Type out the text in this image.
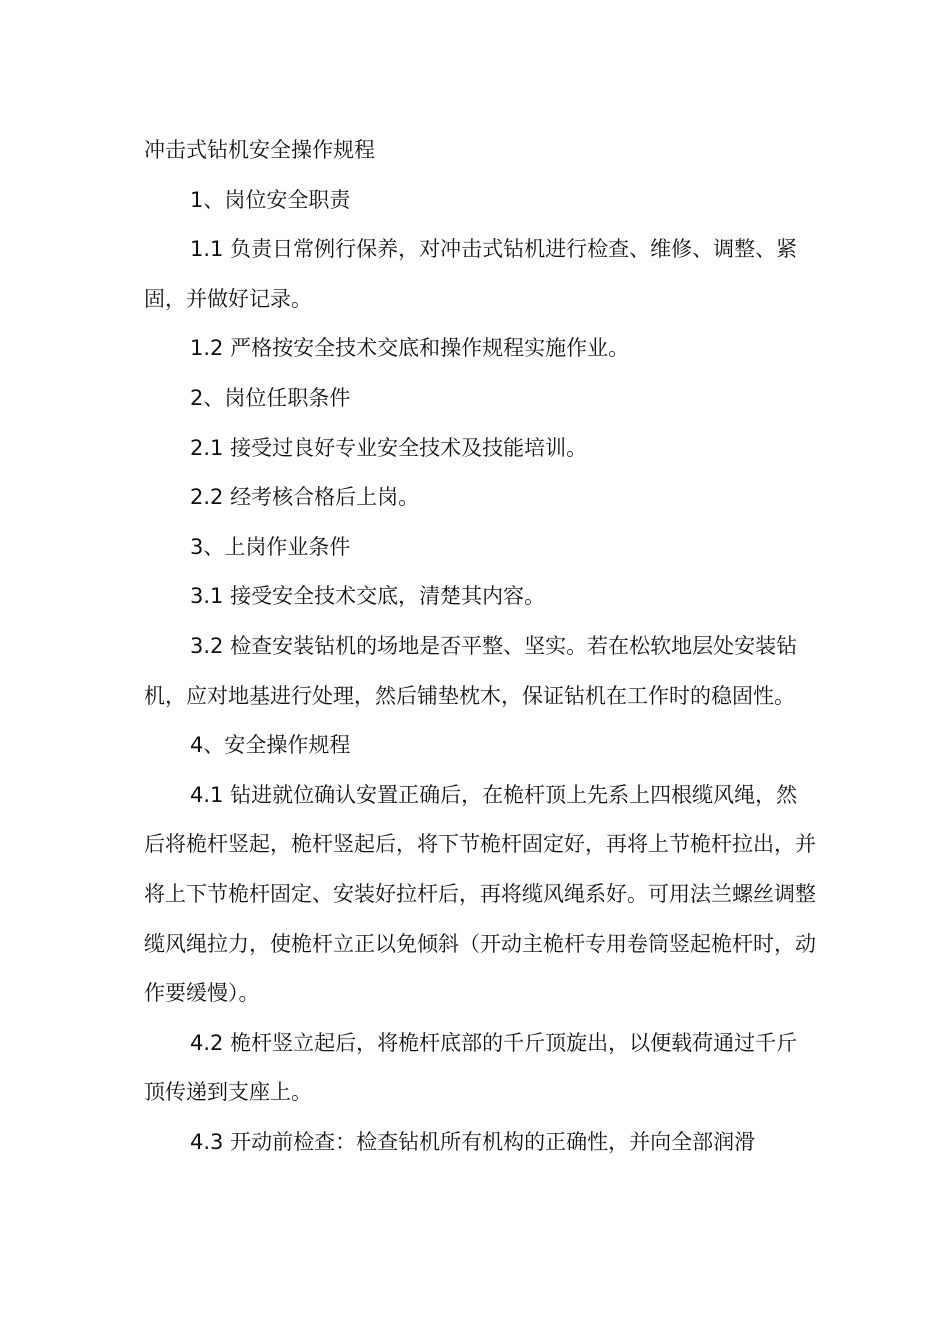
冲击式钻机安全操作规程

1、岗位安全职责

1.1 负责日常例行保养，对冲击式钻机进行检查、维修、调整、紧固，并做好记录。

1.2 严格按安全技术交底和操作规程实施作业。

2、岗位任职条件

2.1 接受过良好专业安全技术及技能培训。

2.2 经考核合格后上岗。

3、上岗作业条件

3.1 接受安全技术交底，清楚其内容。

3.2 检查安装钻机的场地是否平整、坚实。若在松软地层处安装钻机，应对地基进行处理，然后铺垫枕木，保证钻机在工作时的稳固性。

4、安全操作规程

4.1 钻进就位确认安置正确后，在桅杆顶上先系上四根缆风绳，然后将桅杆竖起，桅杆竖起后，将下节桅杆固定好，再将上节桅杆拉出，并将上下节桅杆固定、安装好拉杆后，再将缆风绳系好。可用法兰螺丝调整缆风绳拉力，使桅杆立正以免倾斜（开动主桅杆专用卷筒竖起桅杆时，动作要缓慢）。

4.2 桅杆竖立起后，将桅杆底部的千斤顶旋出，以便载荷通过千斤顶传递到支座上。

4.3 开动前检查：检查钻机所有机构的正确性，并向全部润滑
